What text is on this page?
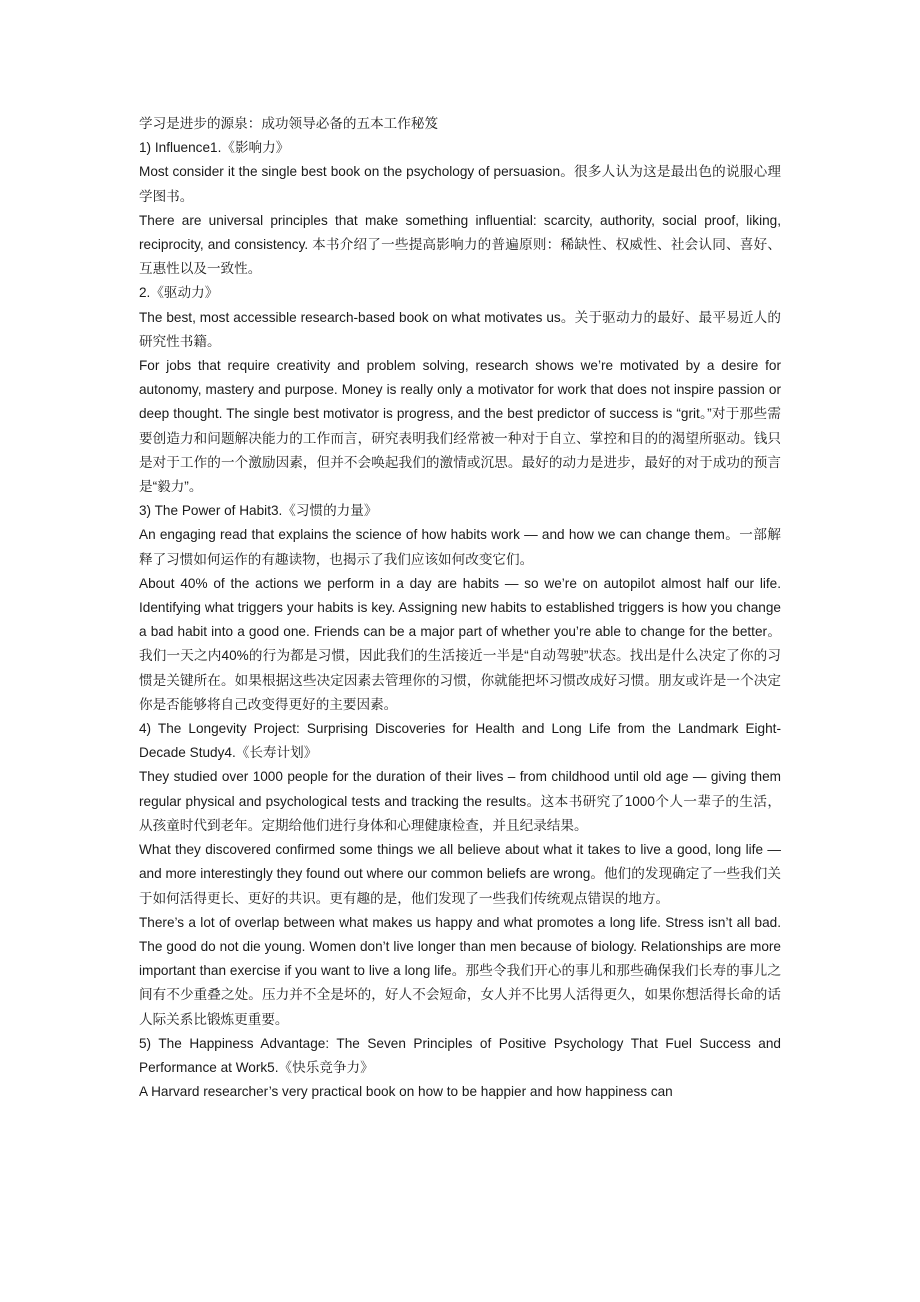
学习是进步的源泉：成功领导必备的五本工作秘笈

1) Influence1.《影响力》

Most consider it the single best book on the psychology of persuasion。很多人认为这是最出色的说服心理学图书。

There are universal principles that make something influential: scarcity, authority, social proof, liking, reciprocity, and consistency. 本书介绍了一些提高影响力的普遍原则：稀缺性、权威性、社会认同、喜好、互惠性以及一致性。

2.《驱动力》

The best, most accessible research-based book on what motivates us。关于驱动力的最好、最平易近人的研究性书籍。

For jobs that require creativity and problem solving, research shows we’re motivated by a desire for autonomy, mastery and purpose. Money is really only a motivator for work that does not inspire passion or deep thought. The single best motivator is progress, and the best predictor of success is “grit。”对于那些需要创造力和问题解决能力的工作而言，研究表明我们经常被一种对于自立、掌控和目的的渴望所驱动。钱只是对于工作的一个激励因素，但并不会唤起我们的激情或沉思。最好的动力是进步，最好的对于成功的预言是“毅力”。

3) The Power of Habit3.《习惯的力量》

An engaging read that explains the science of how habits work — and how we can change them。一部解释了习惯如何运作的有趣读物，也揭示了我们应该如何改变它们。

About 40% of the actions we perform in a day are habits — so we’re on autopilot almost half our life. Identifying what triggers your habits is key. Assigning new habits to established triggers is how you change a bad habit into a good one. Friends can be a major part of whether you’re able to change for the better。我们一天之内40%的行为都是习惯，因此我们的生活接近一半是“自动驾驶”状态。找出是什么决定了你的习惯是关键所在。如果根据这些决定因素去管理你的习惯，你就能把坏习惯改成好习惯。朋友或许是一个决定你是否能够将自己改变得更好的主要因素。

4) The Longevity Project: Surprising Discoveries for Health and Long Life from the Landmark Eight-Decade Study4.《长寿计划》

They studied over 1000 people for the duration of their lives – from childhood until old age — giving them regular physical and psychological tests and tracking the results。这本书研究了1000个人一辈子的生活，从孩童时代到老年。定期给他们进行身体和心理健康检查，并且纪录结果。

What they discovered confirmed some things we all believe about what it takes to live a good, long life — and more interestingly they found out where our common beliefs are wrong。他们的发现确定了一些我们关于如何活得更长、更好的共识。更有趣的是，他们发现了一些我们传统观点错误的地方。

There’s a lot of overlap between what makes us happy and what promotes a long life. Stress isn’t all bad. The good do not die young. Women don’t live longer than men because of biology. Relationships are more important than exercise if you want to live a long life。那些令我们开心的事儿和那些确保我们长寿的事儿之间有不少重叠之处。压力并不全是坏的，好人不会短命，女人并不比男人活得更久，如果你想活得长命的话人际关系比锻炼更重要。

5) The Happiness Advantage: The Seven Principles of Positive Psychology That Fuel Success and Performance at Work5.《快乐竞争力》

A Harvard researcher’s very practical book on how to be happier and how happiness can
